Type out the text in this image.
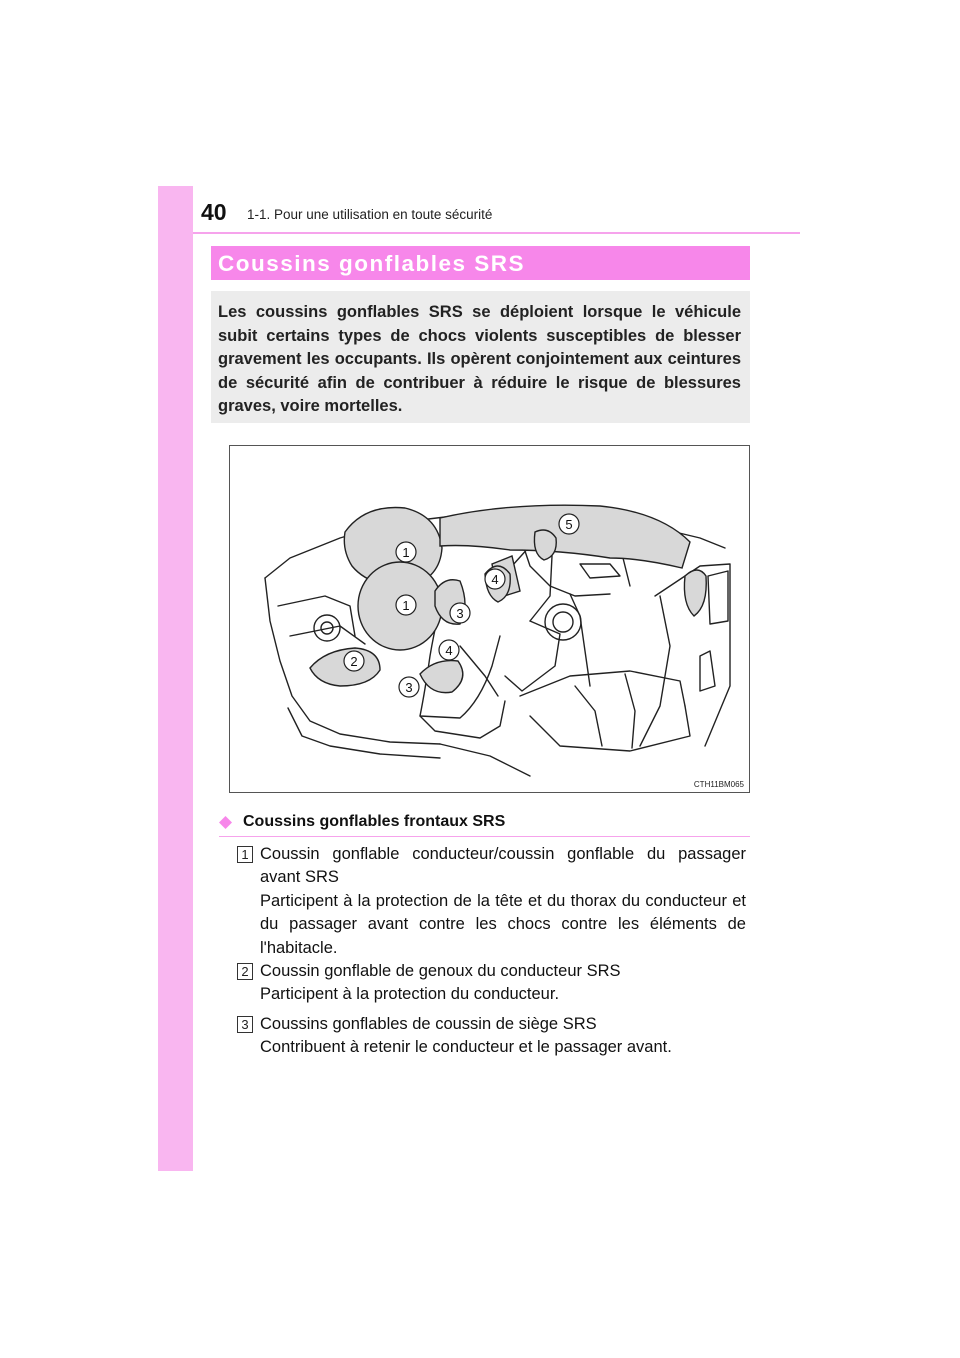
40 1-1. Pour une utilisation en toute sécurité
Coussins gonflables SRS

Les coussins gonflables SRS se déploient lorsque le véhicule subit certains types de chocs violents susceptibles de blesser gravement les occupants. Ils opèrent conjointement aux ceintures de sécurité afin de contribuer à réduire le risque de blessures graves, voire mortelles.

1
1
2
3
3
4
4
5
CTH11BM065
Coussins gonflables frontaux SRS
1 Coussin gonflable conducteur/coussin gonflable du passager avant SRS

Participent à la protection de la tête et du thorax du conducteur et du passager avant contre les chocs contre les éléments de l'habitacle.

2 Coussin gonflable de genoux du conducteur SRS

Participent à la protection du conducteur.

3 Coussins gonflables de coussin de siège SRS

Contribuent à retenir le conducteur et le passager avant.
